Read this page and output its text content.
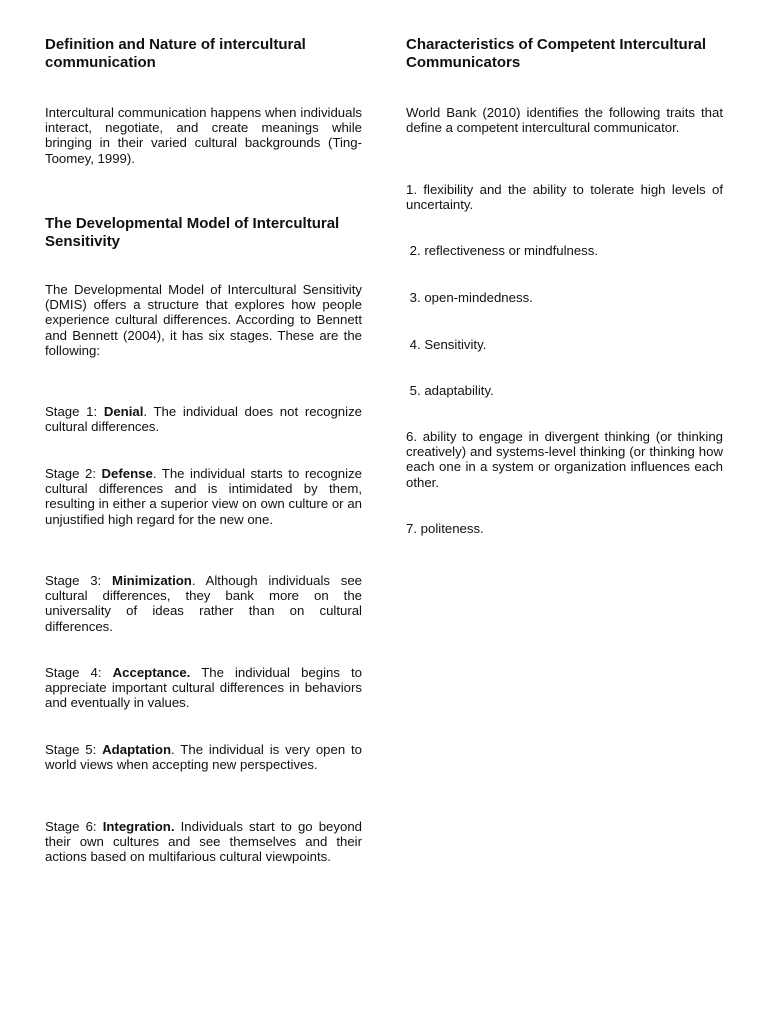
Definition and Nature of intercultural communication

Intercultural communication happens when individuals interact, negotiate, and create meanings while bringing in their varied cultural backgrounds (Ting-Toomey, 1999).

The Developmental Model of Intercultural Sensitivity

The Developmental Model of Intercultural Sensitivity (DMIS) offers a structure that explores how people experience cultural differences. According to Bennett and Bennett (2004), it has six stages. These are the following:

Stage 1: Denial. The individual does not recognize cultural differences.

Stage 2: Defense. The individual starts to recognize cultural differences and is intimidated by them, resulting in either a superior view on own culture or an unjustified high regard for the new one.

Stage 3: Minimization. Although individuals see cultural differences, they bank more on the universality of ideas rather than on cultural differences.

Stage 4: Acceptance. The individual begins to appreciate important cultural differences in behaviors and eventually in values.

Stage 5: Adaptation. The individual is very open to world views when accepting new perspectives.

Stage 6: Integration. Individuals start to go beyond their own cultures and see themselves and their actions based on multifarious cultural viewpoints.

Characteristics of Competent Intercultural Communicators

World Bank (2010) identifies the following traits that define a competent intercultural communicator.

1. flexibility and the ability to tolerate high levels of uncertainty.

2. reflectiveness or mindfulness.

3. open-mindedness.

4. Sensitivity.

5. adaptability.

6. ability to engage in divergent thinking (or thinking creatively) and systems-level thinking (or thinking how each one in a system or organization influences each other.

7. politeness.
